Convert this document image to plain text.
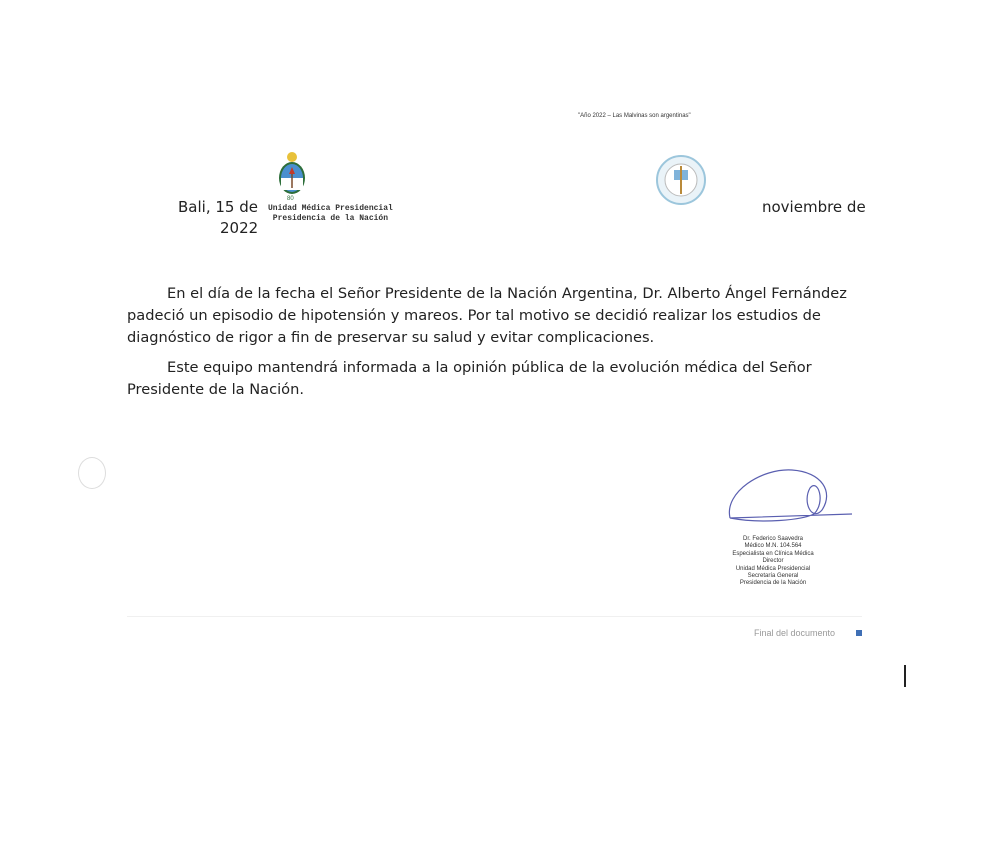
"Año 2022 – Las Malvinas son argentinas"
80
Unidad Médica Presidencial
Presidencia de la Nación
Bali, 15 de
2022
noviembre de

En el día de la fecha el Señor Presidente de la Nación Argentina, Dr. Alberto Ángel Fernández padeció un episodio de hipotensión y mareos. Por tal motivo se decidió realizar los estudios de diagnóstico de rigor a fin de preservar su salud y evitar complicaciones.

Este equipo mantendrá informada a la opinión pública de la evolución médica del Señor Presidente de la Nación.

Dr. Federico Saavedra
Médico M.N. 104.564
Especialista en Clínica Médica
Director
Unidad Médica Presidencial
Secretaría General
Presidencia de la Nación
Final del documento
